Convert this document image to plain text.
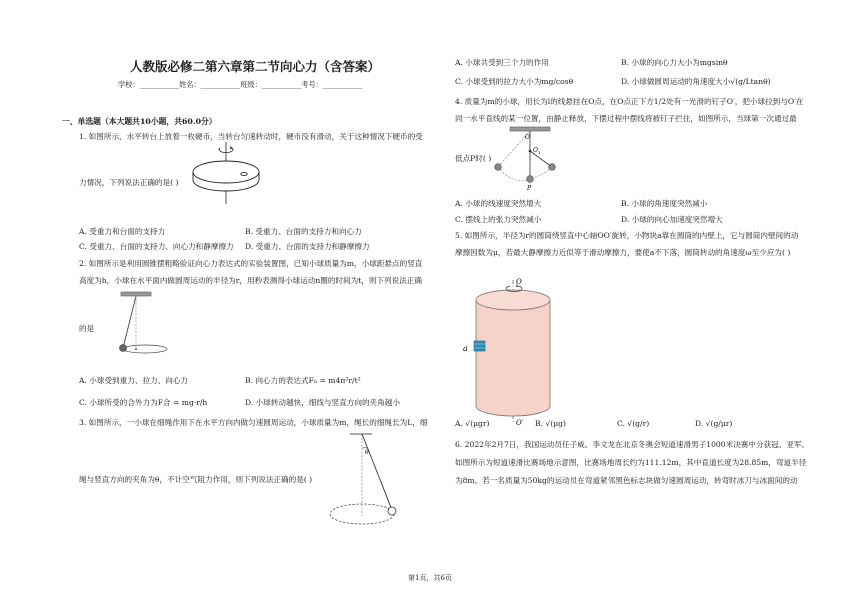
人教版必修二第六章第二节向心力（含答案）
学校：___________姓名：___________班级：___________考号：___________
一、单选题（本大题共10小题，共60.0分）
1. 如图所示，水平转台上放着一枚硬币，当转台匀速转动时，硬币没有滑动，关于这种情况下硬币的受
力情况，下列说法正确的是( )
A. 受重力和台面的支持力	B. 受重力、台面的支持力和向心力
C. 受重力、台面的支持力、向心力和静摩擦力 D. 受重力、台面的支持力和静摩擦力
2. 如图所示是利用圆锥摆粗略验证向心力表达式的实验装置图，已知小球质量为m，小球距悬点的竖直
高度为h，小球在水平面内做圆周运动的半径为r，用秒表测得小球运动n圈的时间为t，则下列说法正确
的是
A. 小球受到重力、拉力、向心力	B. 向心力的表达式Fₙ = m4π²r/t²
C. 小球所受的合外力为F合 = mg·r/h	D. 小球转动越快，细线与竖直方向的夹角越小
3. 如图所示，一小球在细绳作用下在水平方向内做匀速圆周运动，小球质量为m，绳长的细绳长为L，细
绳与竖直方向的夹角为θ，不计空气阻力作用，则下列说法正确的是( )
θ
A. 小球共受到三个力的作用	B. 小球的向心力大小为mgsinθ
C. 小球受到的拉力大小为mg/cosθ	D. 小球做圆周运动的角速度大小√(g/Ltanθ)
4. 质量为m的小球，用长为l的线悬挂在O点，在O点正下方1/2处有一光滑的钉子O′，把小球拉到与O′在
同一水平直线的某一位置，由静止释放，下摆过程中摆线将被钉子拦住，如图所示，当球第一次通过最
低点P时( )
O
O 1
P
A. 小球的线速度突然增大	B. 小球的角速度突然减小
C. 摆线上的张力突然减小	D. 小球的向心加速度突然增大
5. 如图所示，半径为r的圆筒绕竖直中心轴OO′旋转，小物块a靠在圆筒的内壁上，它与圆筒内壁间的动
摩擦因数为μ，若最大静摩擦力近似等于滑动摩擦力，要使a不下落，圆筒转动的角速度ω至少应为( )
O
O′
a
A. √(μgr)	B. √(μg)	C. √(g/r)	D. √(g/μr)
6. 2022年2月7日，我国运动员任子威、李文龙在北京冬奥会短道速滑男子1000米决赛中分获冠、亚军。
如图所示为短道速滑比赛场地示意图，比赛场地周长约为111.12m，其中直道长度为28.85m，弯道半径
为8m。若一名质量为50kg的运动员在弯道紧邻黑色标志块做匀速圆周运动，转弯时冰刀与冰面间的动
第1页，共6页
